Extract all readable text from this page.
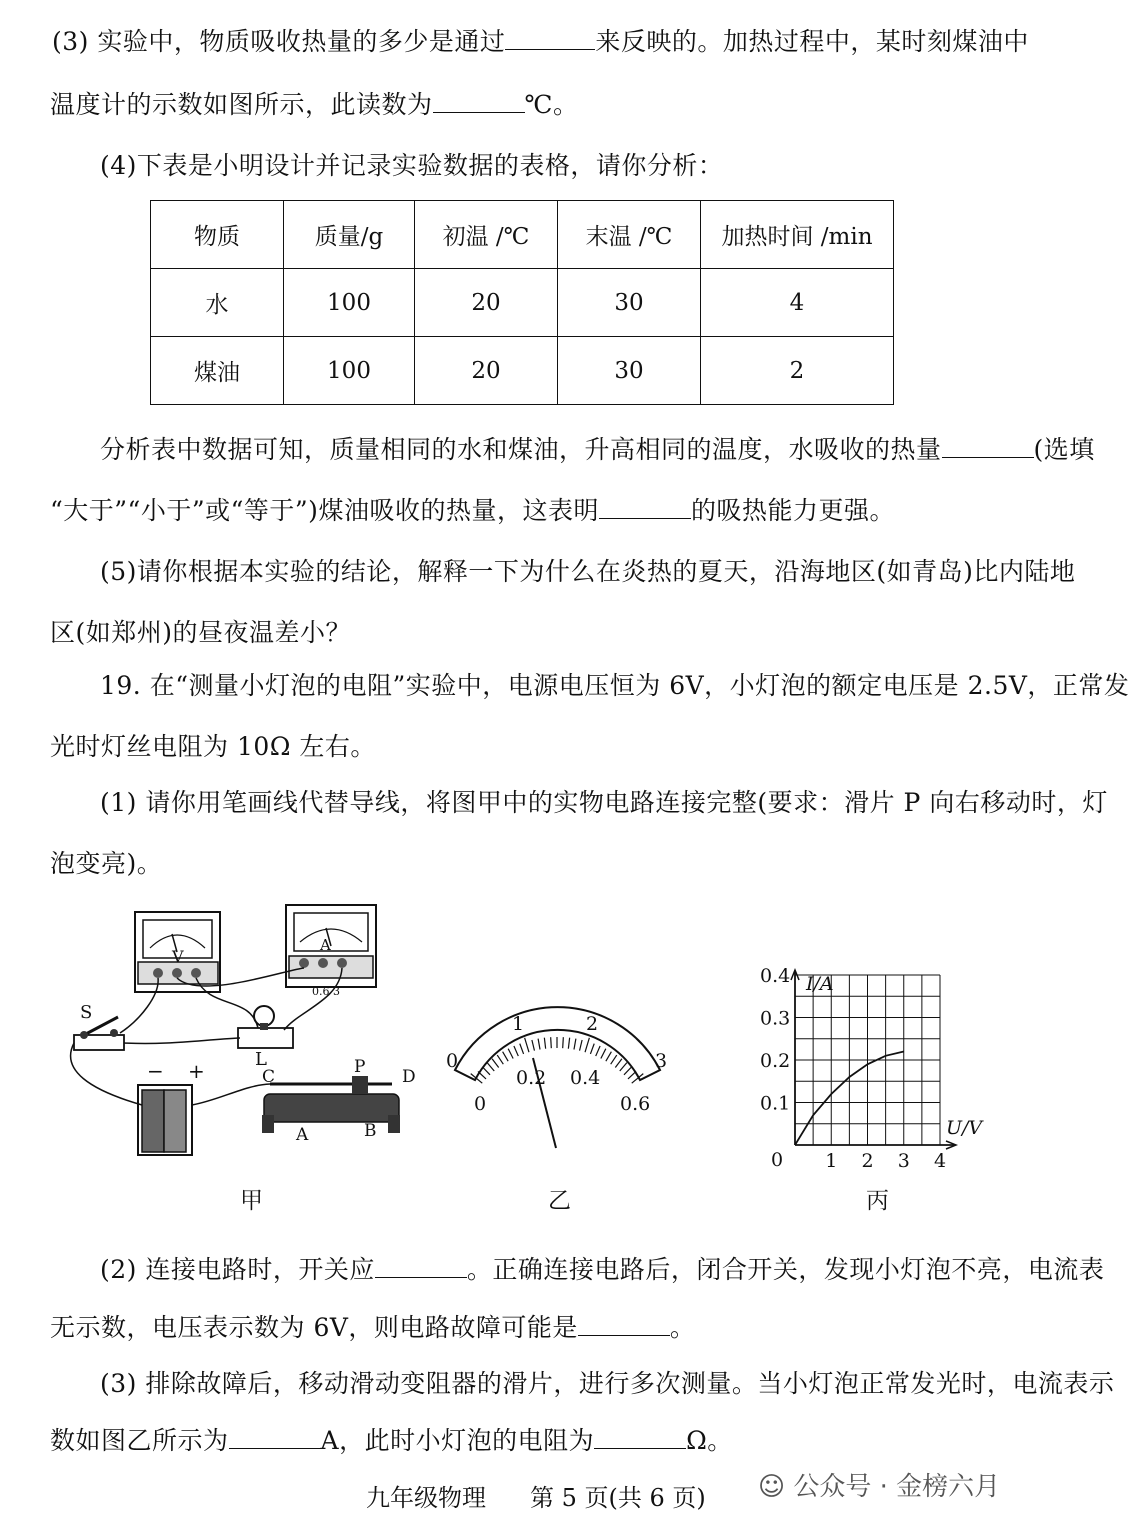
(3) 实验中，物质吸收热量的多少是通过	来反映的。加热过程中，某时刻煤油中
温度计的示数如图所示，此读数为	℃。
(4)下表是小明设计并记录实验数据的表格，请你分析：
物质	质量/g	初温 /℃	末温 /℃	加热时间 /min
水	100	20	30	4
煤油	100	20	30	2
分析表中数据可知，质量相同的水和煤油，升高相同的温度，水吸收的热量	(选填
“大于”“小于”或“等于”)煤油吸收的热量，这表明	的吸热能力更强。
(5)请你根据本实验的结论，解释一下为什么在炎热的夏天，沿海地区(如青岛)比内陆地
区(如郑州)的昼夜温差小？
19. 在“测量小灯泡的电阻”实验中，电源电压恒为 6V，小灯泡的额定电压是 2.5V，正常发
光时灯丝电阻为 10Ω 左右。
(1) 请你用笔画线代替导线，将图甲中的实物电路连接完整(要求：滑片 P 向右移动时，灯
泡变亮)。
V
A
0.6 3
S
L
− +	C	P D
A	B
甲
0
1	2
3
0
0.2 0.4
0.6
乙
I/A
U/V
0
0.4
0.3
0.2
0.1
1 2 3 4
丙
(2) 连接电路时，开关应	。正确连接电路后，闭合开关，发现小灯泡不亮，电流表
无示数，电压表示数为 6V，则电路故障可能是	。
(3) 排除故障后，移动滑动变阻器的滑片，进行多次测量。当小灯泡正常发光时，电流表示
数如图乙所示为	A，此时小灯泡的电阻为	Ω。
九年级物理 第 5 页(共 6 页) ☺ 公众号 · 金榜六月
